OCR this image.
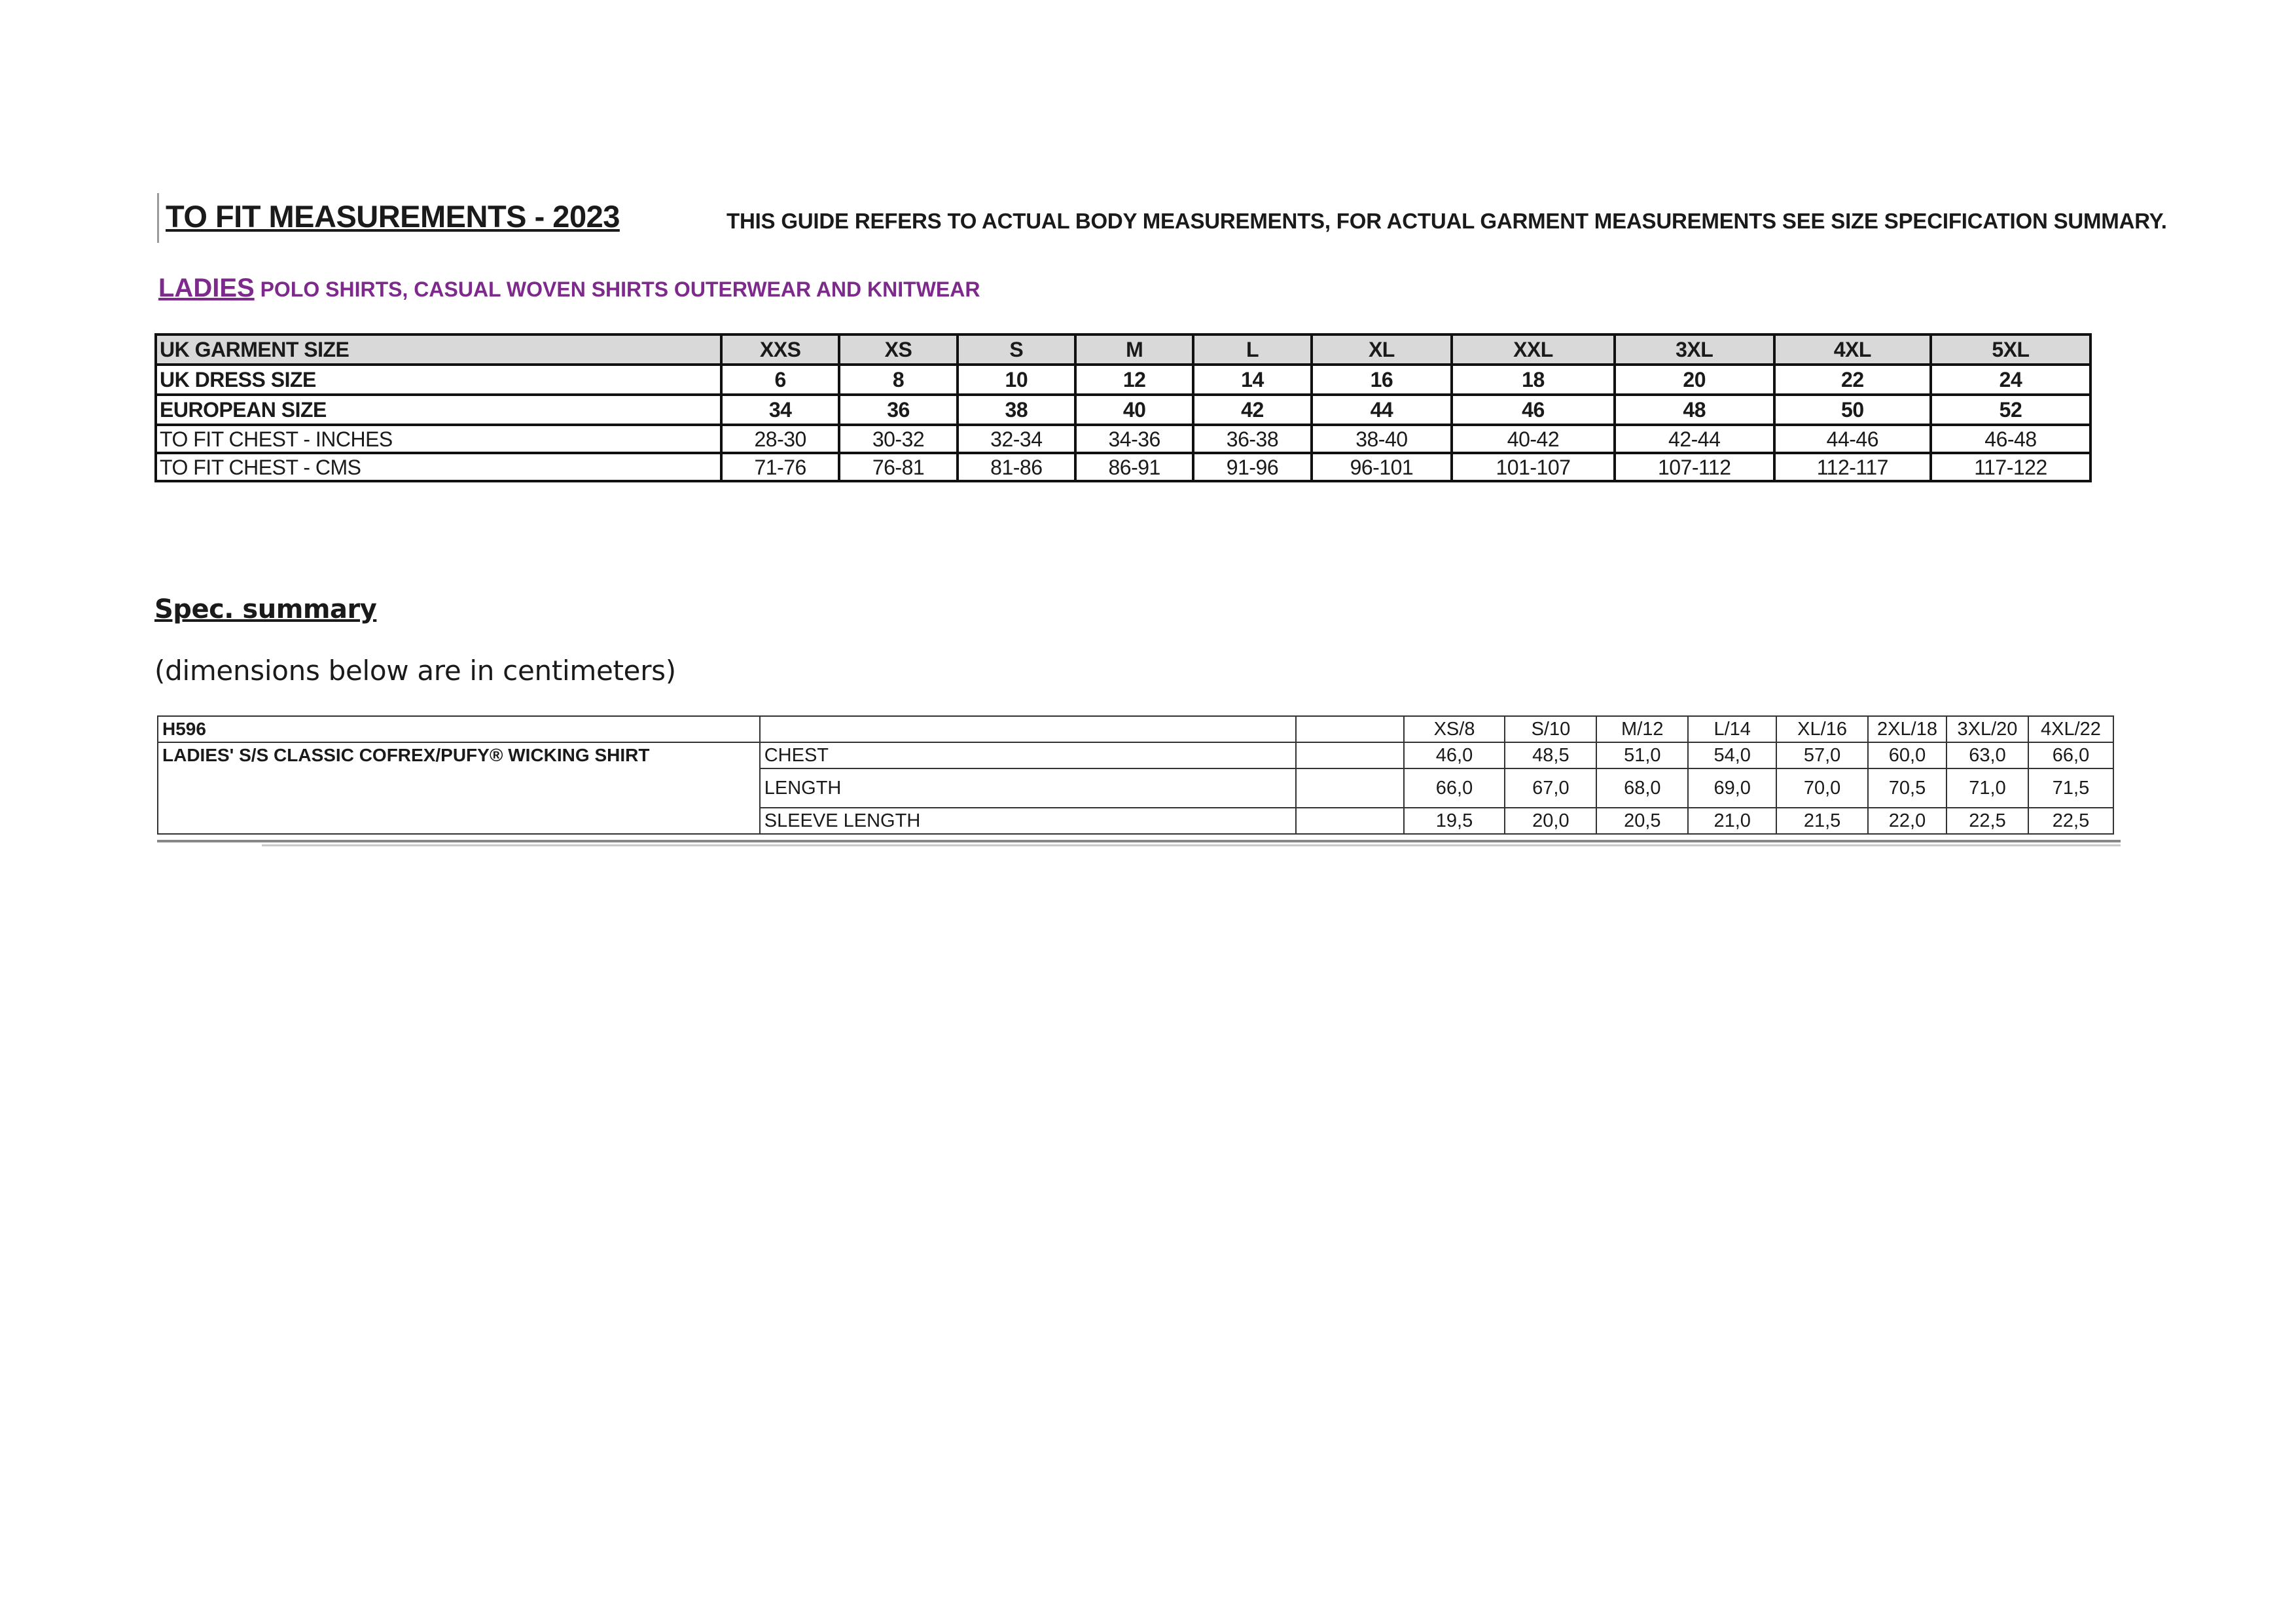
TO FIT MEASUREMENTS - 2023	THIS GUIDE REFERS TO ACTUAL BODY MEASUREMENTS, FOR ACTUAL GARMENT MEASUREMENTS SEE SIZE SPECIFICATION SUMMARY.
LADIES POLO SHIRTS, CASUAL WOVEN SHIRTS OUTERWEAR AND KNITWEAR
UK GARMENT SIZE	XXS	XS	S	M	L	XL	XXL	3XL	4XL	5XL
UK DRESS SIZE	6	8	10	12	14	16	18	20	22	24
EUROPEAN SIZE	34	36	38	40	42	44	46	48	50	52
TO FIT CHEST - INCHES	28-30	30-32	32-34	34-36	36-38	38-40	40-42	42-44	44-46	46-48
TO FIT CHEST - CMS	71-76	76-81	81-86	86-91	91-96	96-101	101-107	107-112	112-117	117-122
Spec. summary
(dimensions below are in centimeters)
H596			XS/8	S/10	M/12	L/14	XL/16	2XL/18	3XL/20	4XL/22
LADIES' S/S CLASSIC COFREX/PUFY® WICKING SHIRT	CHEST		46,0	48,5	51,0	54,0	57,0	60,0	63,0	66,0
	LENGTH		66,0	67,0	68,0	69,0	70,0	70,5	71,0	71,5
	SLEEVE LENGTH		19,5	20,0	20,5	21,0	21,5	22,0	22,5	22,5
